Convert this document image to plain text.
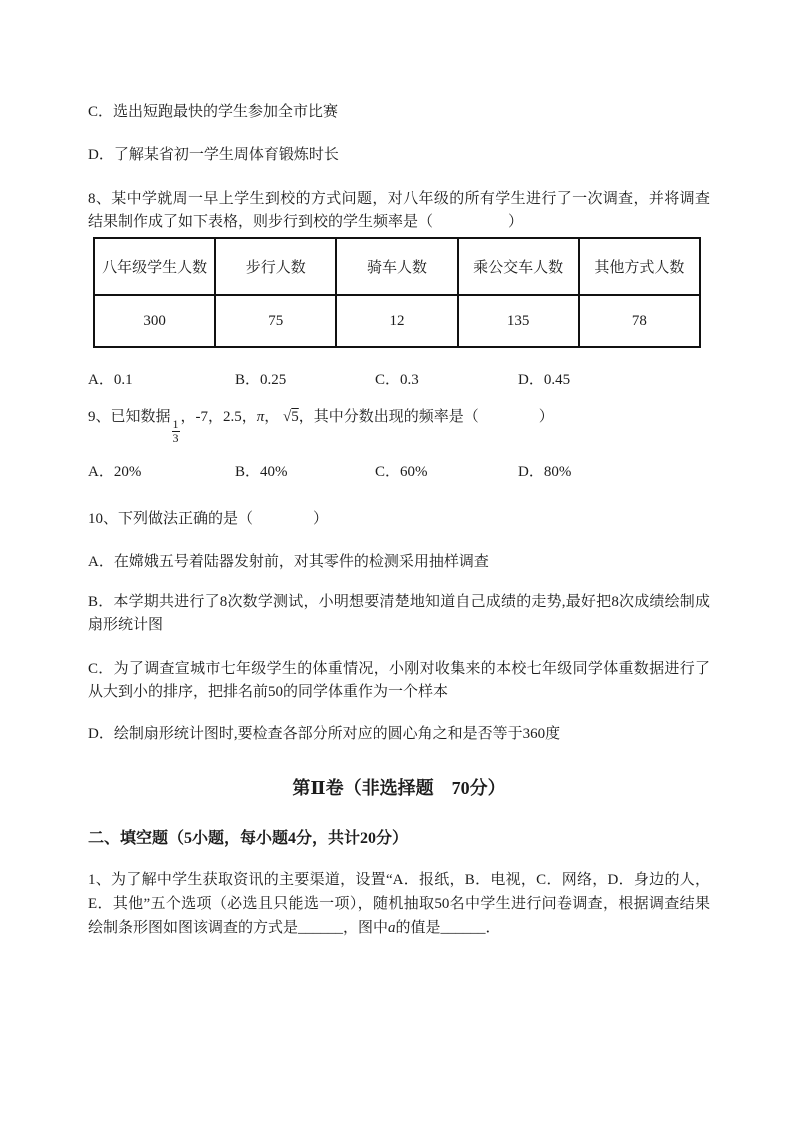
C．选出短跑最快的学生参加全市比赛

D．了解某省初一学生周体育锻炼时长

8、某中学就周一早上学生到校的方式问题，对八年级的所有学生进行了一次调查，并将调查结果制作成了如下表格，则步行到校的学生频率是（　　　　　）

八年级学生人数	步行人数	骑车人数	乘公交车人数	其他方式人数
300	75	12	135	78

A．0.1	B．0.25	C．0.3	D．0.45

9、已知数据
$\frac{1}{3}$
，-7，2.5，π， √5，其中分数出现的频率是（　　　　）

A．20%	B．40%	C．60%	D．80%

10、下列做法正确的是（　　　　）

A．在嫦娥五号着陆器发射前，对其零件的检测采用抽样调查

B．本学期共进行了8次数学测试，小明想要清楚地知道自己成绩的走势,最好把8次成绩绘制成扇形统计图

C．为了调查宣城市七年级学生的体重情况，小刚对收集来的本校七年级同学体重数据进行了从大到小的排序，把排名前50的同学体重作为一个样本

D．绘制扇形统计图时,要检查各部分所对应的圆心角之和是否等于360度

第Ⅱ卷（非选择题　70分）

二、填空题（5小题，每小题4分，共计20分）

1、为了解中学生获取资讯的主要渠道，设置“A．报纸，B．电视，C．网络，D．身边的人，E．其他”五个选项（必选且只能选一项），随机抽取50名中学生进行问卷调查，根据调查结果绘制条形图如图该调查的方式是______，图中a的值是______．
